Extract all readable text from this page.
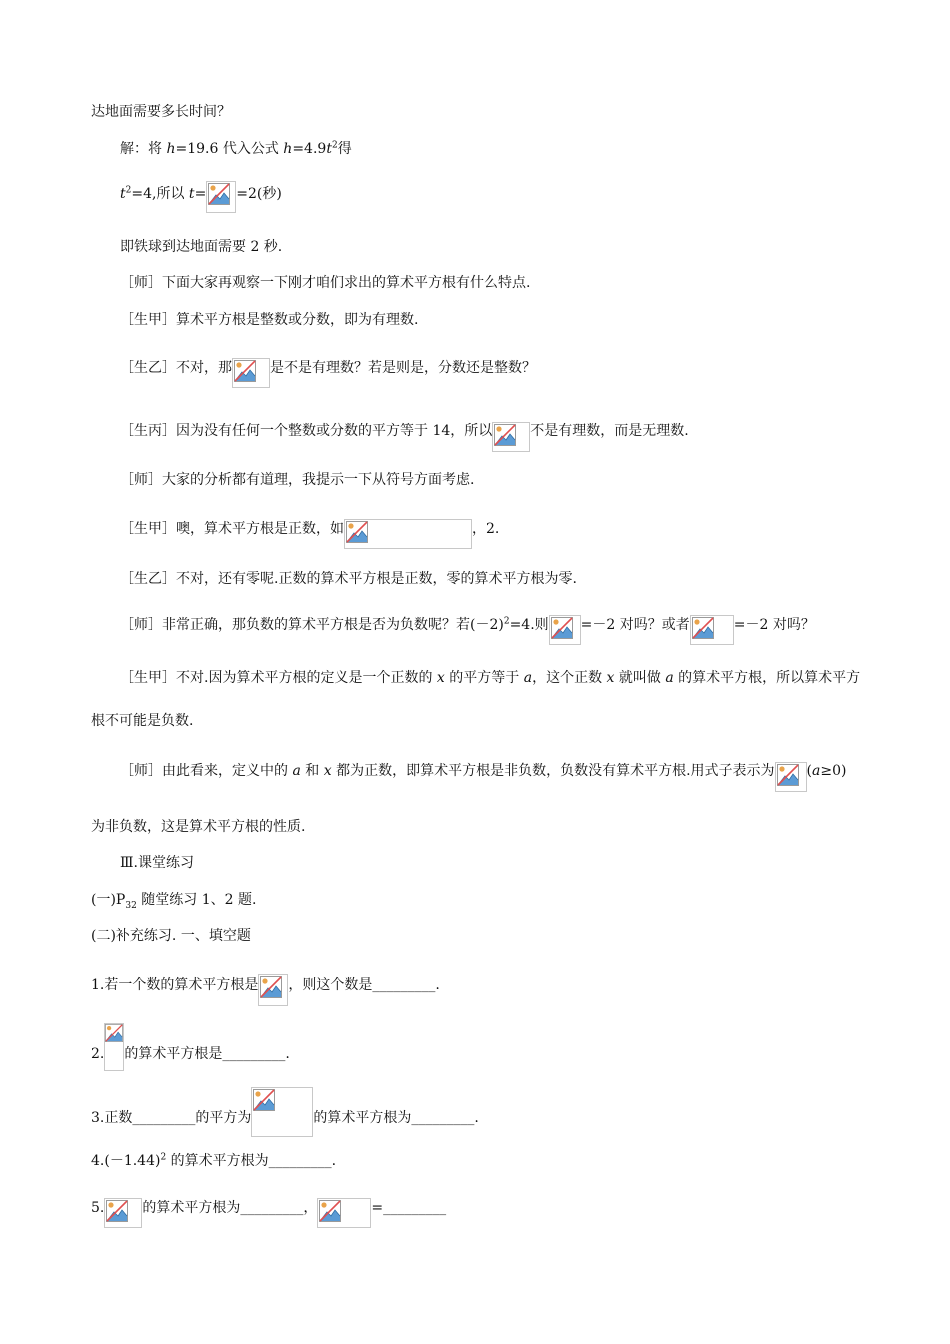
达地面需要多长时间？
解：将 h=19.6 代入公式 $h=4.9t^2$得
$t^2=4$,所以 t= =2(秒)
即铁球到达地面需要 2 秒.
［师］下面大家再观察一下刚才咱们求出的算术平方根有什么特点.
［生甲］算术平方根是整数或分数，即为有理数.
［生乙］不对，那	是不是有理数？若是则是，分数还是整数？
［生丙］因为没有任何一个整数或分数的平方等于 14，所以	不是有理数，而是无理数.
［师］大家的分析都有道理，我提示一下从符号方面考虑.
［生甲］噢，算术平方根是正数，如	，2.
［生乙］不对，还有零呢.正数的算术平方根是正数，零的算术平方根为零.
［师］非常正确，那负数的算术平方根是否为负数呢？若$(-2)^2=4$.则 =－2 对吗？或者	=－2 对吗？
［生甲］不对.因为算术平方根的定义是一个正数的 x 的平方等于 a，这个正数 x 就叫做 a 的算术平方根，所以算术平方
根不可能是负数.
［师］由此看来，定义中的 a 和 x 都为正数，即算术平方根是非负数，负数没有算术平方根.用式子表示为 (a≥0)
为非负数，这是算术平方根的性质.
Ⅲ.课堂练习
(一)$P_{32}$ 随堂练习 1、2 题.
(二)补充练习. 一、填空题
1.若一个数的算术平方根是 ，则这个数是_________.
2. 的算术平方根是_________.
3.正数_________的平方为	的算术平方根为_________.
$4.(-1.44)^2$ 的算术平方根为_________.
5.	的算术平方根为_________，	=_________
